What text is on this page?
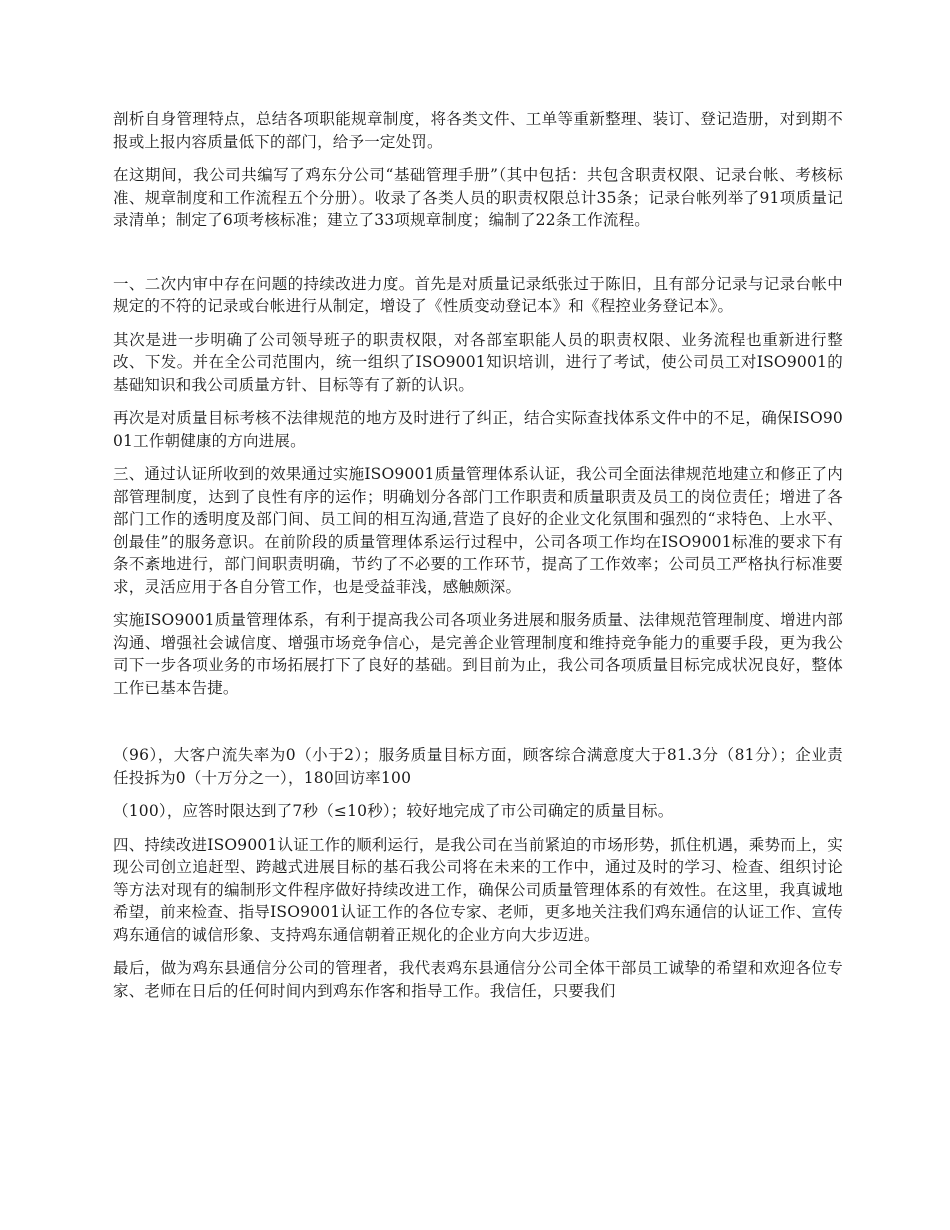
剖析自身管理特点，总结各项职能规章制度，将各类文件、工单等重新整理、装订、登记造册，对到期不报或上报内容质量低下的部门，给予一定处罚。

在这期间，我公司共编写了鸡东分公司“基础管理手册”（其中包括：共包含职责权限、记录台帐、考核标准、规章制度和工作流程五个分册）。收录了各类人员的职责权限总计35条；记录台帐列举了91项质量记录清单；制定了6项考核标准；建立了33项规章制度；编制了22条工作流程。

一、二次内审中存在问题的持续改进力度。首先是对质量记录纸张过于陈旧，且有部分记录与记录台帐中规定的不符的记录或台帐进行从制定，增设了《性质变动登记本》和《程控业务登记本》。

其次是进一步明确了公司领导班子的职责权限，对各部室职能人员的职责权限、业务流程也重新进行整改、下发。并在全公司范围内，统一组织了ISO9001知识培训，进行了考试，使公司员工对ISO9001的基础知识和我公司质量方针、目标等有了新的认识。

再次是对质量目标考核不法律规范的地方及时进行了纠正，结合实际查找体系文件中的不足，确保ISO9001工作朝健康的方向进展。

三、通过认证所收到的效果通过实施ISO9001质量管理体系认证，我公司全面法律规范地建立和修正了内部管理制度，达到了良性有序的运作；明确划分各部门工作职责和质量职责及员工的岗位责任；增进了各部门工作的透明度及部门间、员工间的相互沟通,营造了良好的企业文化氛围和强烈的“求特色、上水平、创最佳”的服务意识。在前阶段的质量管理体系运行过程中，公司各项工作均在ISO9001标准的要求下有条不紊地进行，部门间职责明确，节约了不必要的工作环节，提高了工作效率；公司员工严格执行标准要求，灵活应用于各自分管工作，也是受益菲浅，感触颇深。

实施ISO9001质量管理体系，有利于提高我公司各项业务进展和服务质量、法律规范管理制度、增进内部沟通、增强社会诚信度、增强市场竞争信心，是完善企业管理制度和维持竞争能力的重要手段，更为我公司下一步各项业务的市场拓展打下了良好的基础。到目前为止，我公司各项质量目标完成状况良好，整体工作已基本告捷。

（96），大客户流失率为0（小于2）；服务质量目标方面，顾客综合满意度大于81.3分（81分）；企业责任投拆为0（十万分之一），180回访率100

（100），应答时限达到了7秒（≤10秒）；较好地完成了市公司确定的质量目标。

四、持续改进ISO9001认证工作的顺利运行，是我公司在当前紧迫的市场形势，抓住机遇，乘势而上，实现公司创立追赶型、跨越式进展目标的基石我公司将在未来的工作中，通过及时的学习、检查、组织讨论等方法对现有的编制形文件程序做好持续改进工作，确保公司质量管理体系的有效性。在这里，我真诚地希望，前来检查、指导ISO9001认证工作的各位专家、老师，更多地关注我们鸡东通信的认证工作、宣传鸡东通信的诚信形象、支持鸡东通信朝着正规化的企业方向大步迈进。

最后，做为鸡东县通信分公司的管理者，我代表鸡东县通信分公司全体干部员工诚挚的希望和欢迎各位专家、老师在日后的任何时间内到鸡东作客和指导工作。我信任，只要我们
